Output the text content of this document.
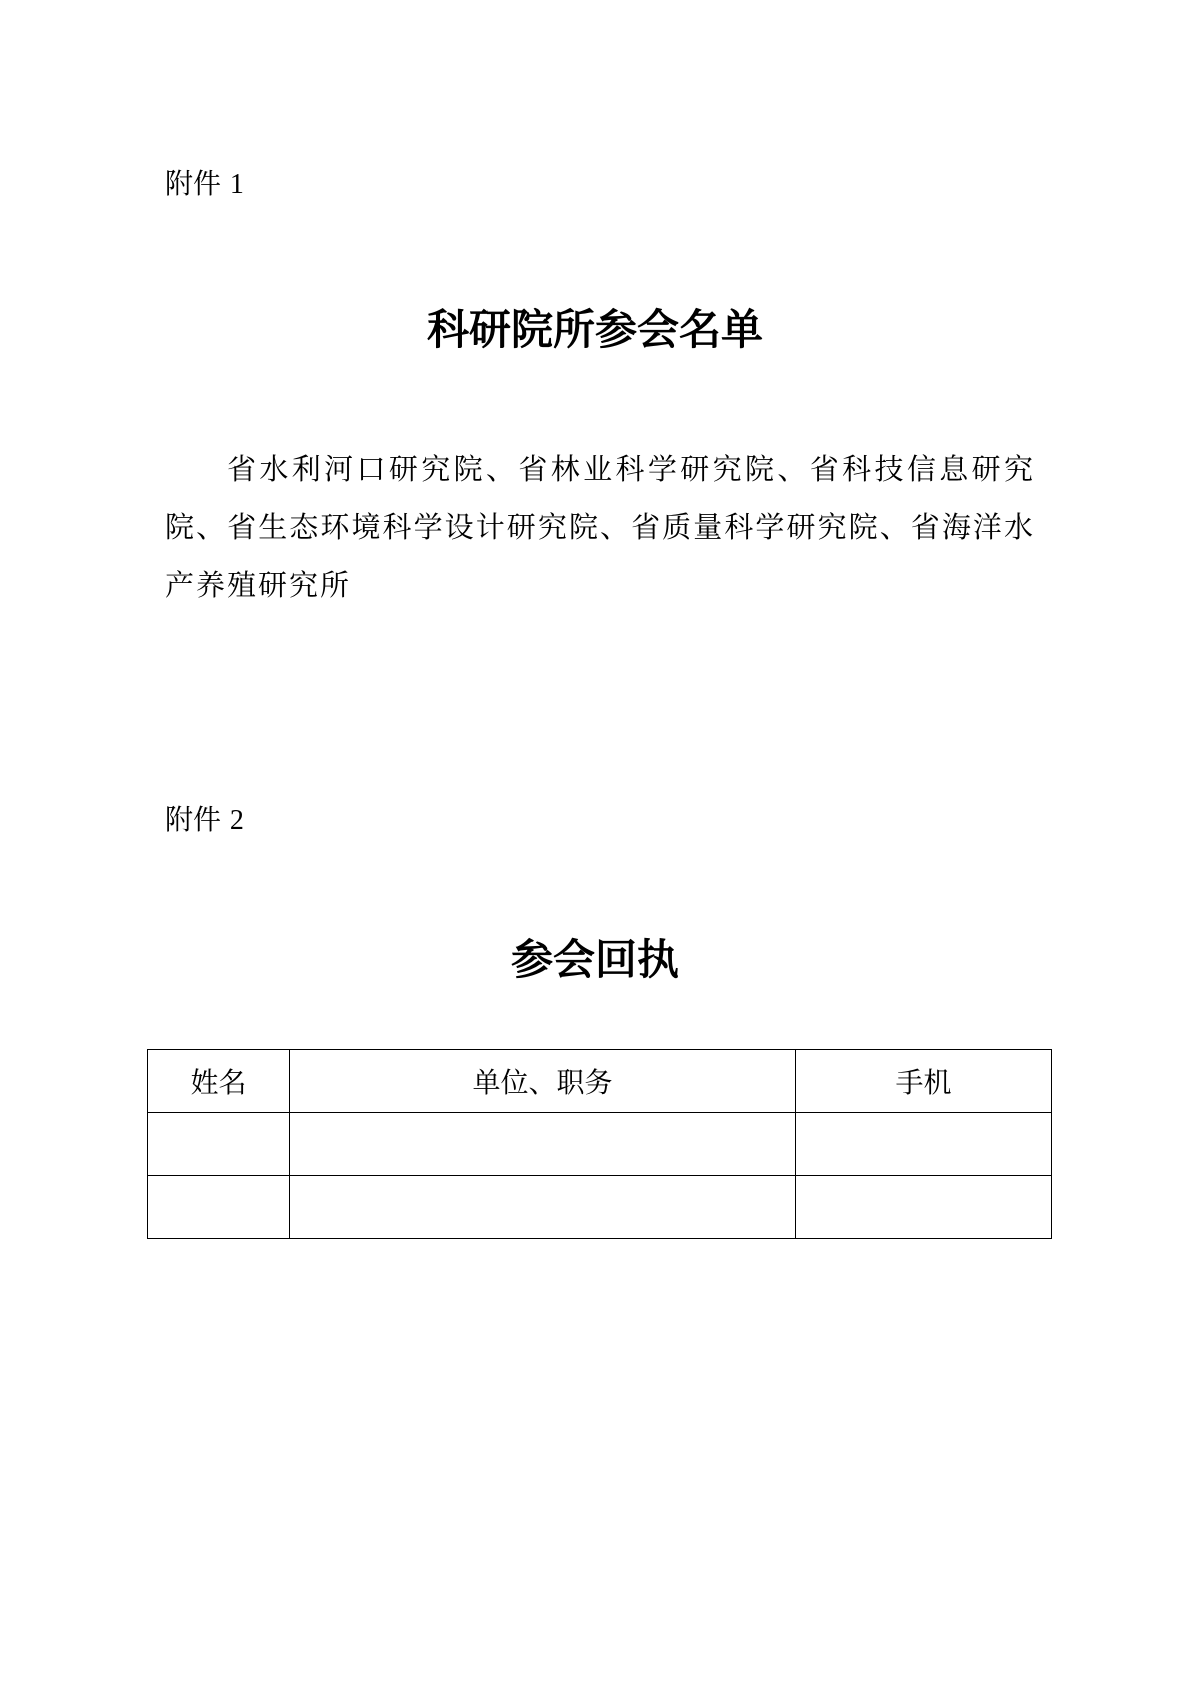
附件 1
科研院所参会名单
省水利河口研究院、省林业科学研究院、省科技信息研究院、省生态环境科学设计研究院、省质量科学研究院、省海洋水产养殖研究所
附件 2
参会回执
姓名	单位、职务	手机
